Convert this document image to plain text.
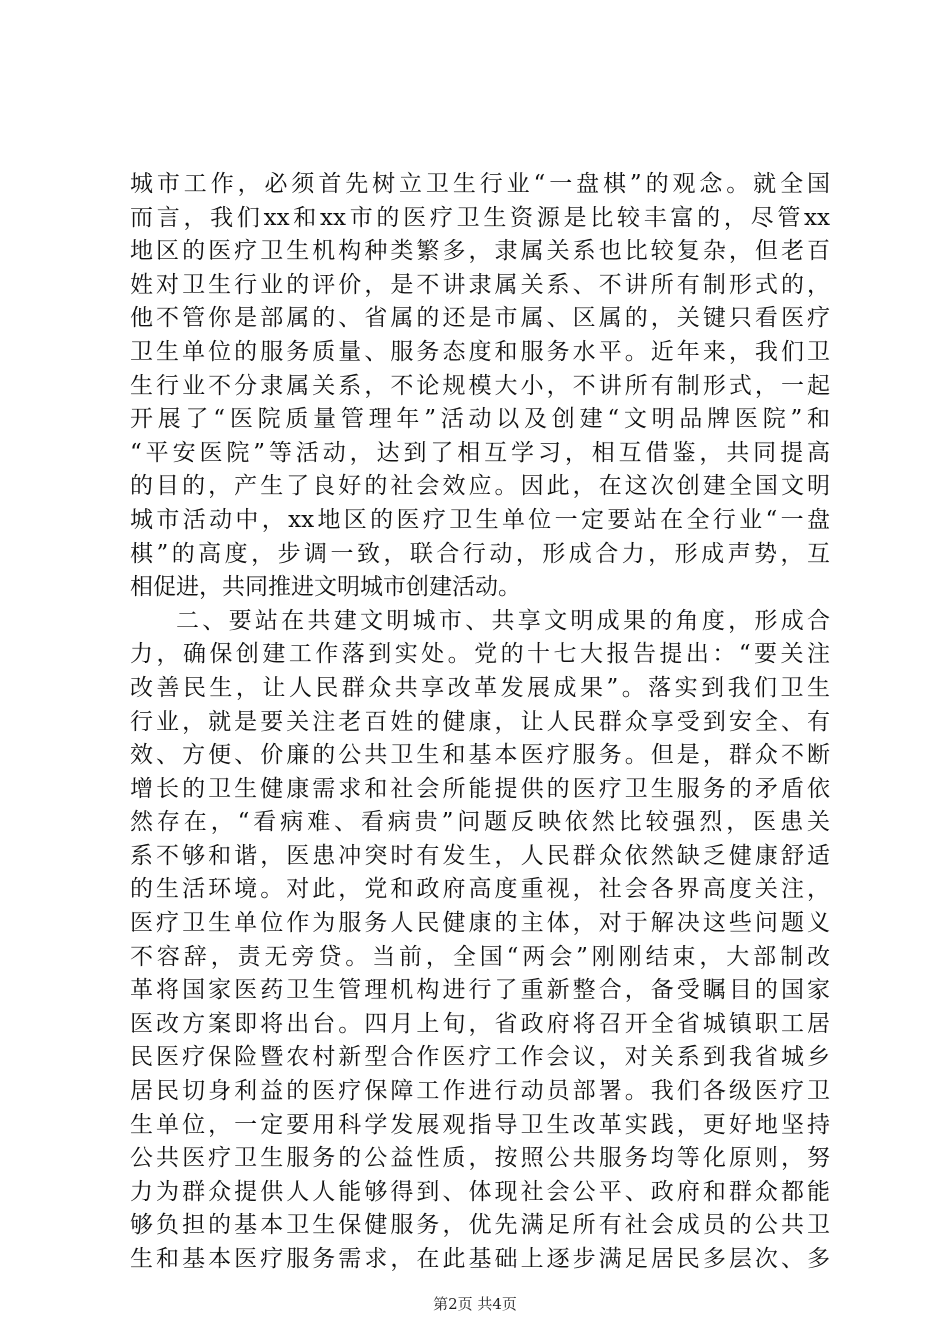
城市工作，必须首先树立卫生行业“一盘棋”的观念。就全国
而言，我们xx和xx市的医疗卫生资源是比较丰富的，尽管xx
地区的医疗卫生机构种类繁多，隶属关系也比较复杂，但老百
姓对卫生行业的评价，是不讲隶属关系、不讲所有制形式的，
他不管你是部属的、省属的还是市属、区属的，关键只看医疗
卫生单位的服务质量、服务态度和服务水平。近年来，我们卫
生行业不分隶属关系，不论规模大小，不讲所有制形式，一起
开展了“医院质量管理年”活动以及创建“文明品牌医院”和
“平安医院”等活动，达到了相互学习，相互借鉴，共同提高
的目的，产生了良好的社会效应。因此，在这次创建全国文明
城市活动中，xx地区的医疗卫生单位一定要站在全行业“一盘
棋”的高度，步调一致，联合行动，形成合力，形成声势，互
相促进，共同推进文明城市创建活动。
二、要站在共建文明城市、共享文明成果的角度，形成合
力，确保创建工作落到实处。党的十七大报告提出：“要关注
改善民生，让人民群众共享改革发展成果”。落实到我们卫生
行业，就是要关注老百姓的健康，让人民群众享受到安全、有
效、方便、价廉的公共卫生和基本医疗服务。但是，群众不断
增长的卫生健康需求和社会所能提供的医疗卫生服务的矛盾依
然存在，“看病难、看病贵”问题反映依然比较强烈，医患关
系不够和谐，医患冲突时有发生，人民群众依然缺乏健康舒适
的生活环境。对此，党和政府高度重视，社会各界高度关注，
医疗卫生单位作为服务人民健康的主体，对于解决这些问题义
不容辞，责无旁贷。当前，全国“两会”刚刚结束，大部制改
革将国家医药卫生管理机构进行了重新整合，备受瞩目的国家
医改方案即将出台。四月上旬，省政府将召开全省城镇职工居
民医疗保险暨农村新型合作医疗工作会议，对关系到我省城乡
居民切身利益的医疗保障工作进行动员部署。我们各级医疗卫
生单位，一定要用科学发展观指导卫生改革实践，更好地坚持
公共医疗卫生服务的公益性质，按照公共服务均等化原则，努
力为群众提供人人能够得到、体现社会公平、政府和群众都能
够负担的基本卫生保健服务，优先满足所有社会成员的公共卫
生和基本医疗服务需求，在此基础上逐步满足居民多层次、多
第2页 共4页
